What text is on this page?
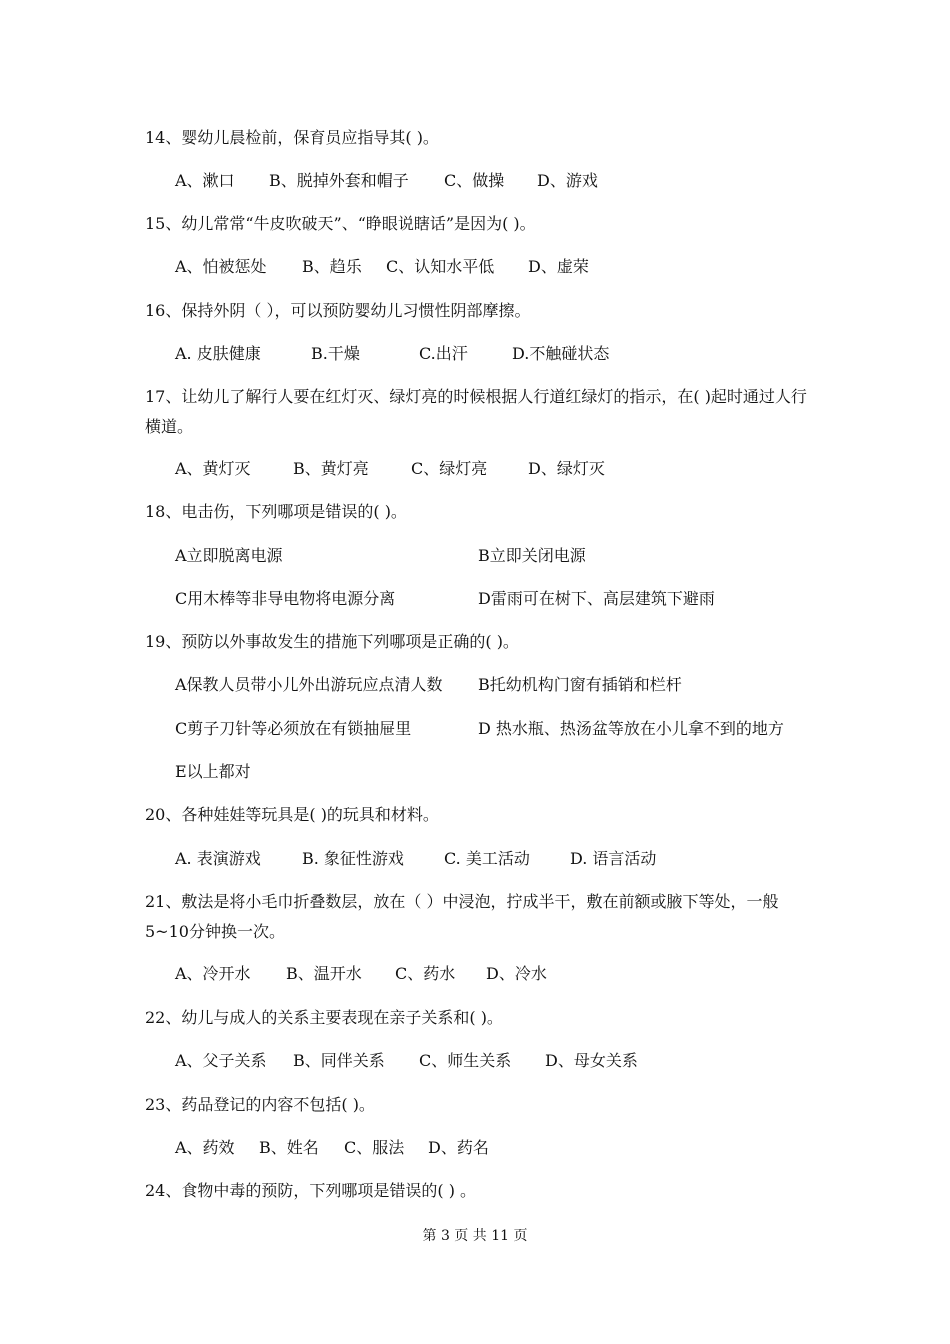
14、婴幼儿晨检前，保育员应指导其( )。
A、漱口 B、脱掉外套和帽子 C、做操 D、游戏
15、幼儿常常“牛皮吹破天”、“睁眼说瞎话”是因为( )。
A、怕被惩处 B、趋乐 C、认知水平低 D、虚荣
16、保持外阴（ ），可以预防婴幼儿习惯性阴部摩擦。
A. 皮肤健康	B.干燥	C.出汗	D.不触碰状态
17、让幼儿了解行人要在红灯灭、绿灯亮的时候根据人行道红绿灯的指示，在( )起时通过人行横道。
A、黄灯灭	B、黄灯亮	C、绿灯亮	D、绿灯灭
18、电击伤，下列哪项是错误的( )。
A立即脱离电源	B立即关闭电源
C用木棒等非导电物将电源分离	D雷雨可在树下、高层建筑下避雨
19、预防以外事故发生的措施下列哪项是正确的( )。
A保教人员带小儿外出游玩应点清人数 B托幼机构门窗有插销和栏杆
C剪子刀针等必须放在有锁抽屉里	D 热水瓶、热汤盆等放在小儿拿不到的地方
E以上都对
20、各种娃娃等玩具是( )的玩具和材料。
A. 表演游戏	B. 象征性游戏	C. 美工活动	D. 语言活动
21、敷法是将小毛巾折叠数层，放在（ ）中浸泡，拧成半干，敷在前额或腋下等处，一般5~10分钟换一次。
A、冷开水 B、温开水 C、药水 D、冷水
22、幼儿与成人的关系主要表现在亲子关系和( )。
A、父子关系 B、同伴关系 C、师生关系 D、母女关系
23、药品登记的内容不包括( )。
A、药效 B、姓名 C、服法 D、药名
24、食物中毒的预防，下列哪项是错误的( ) 。
第 3 页 共 11 页
